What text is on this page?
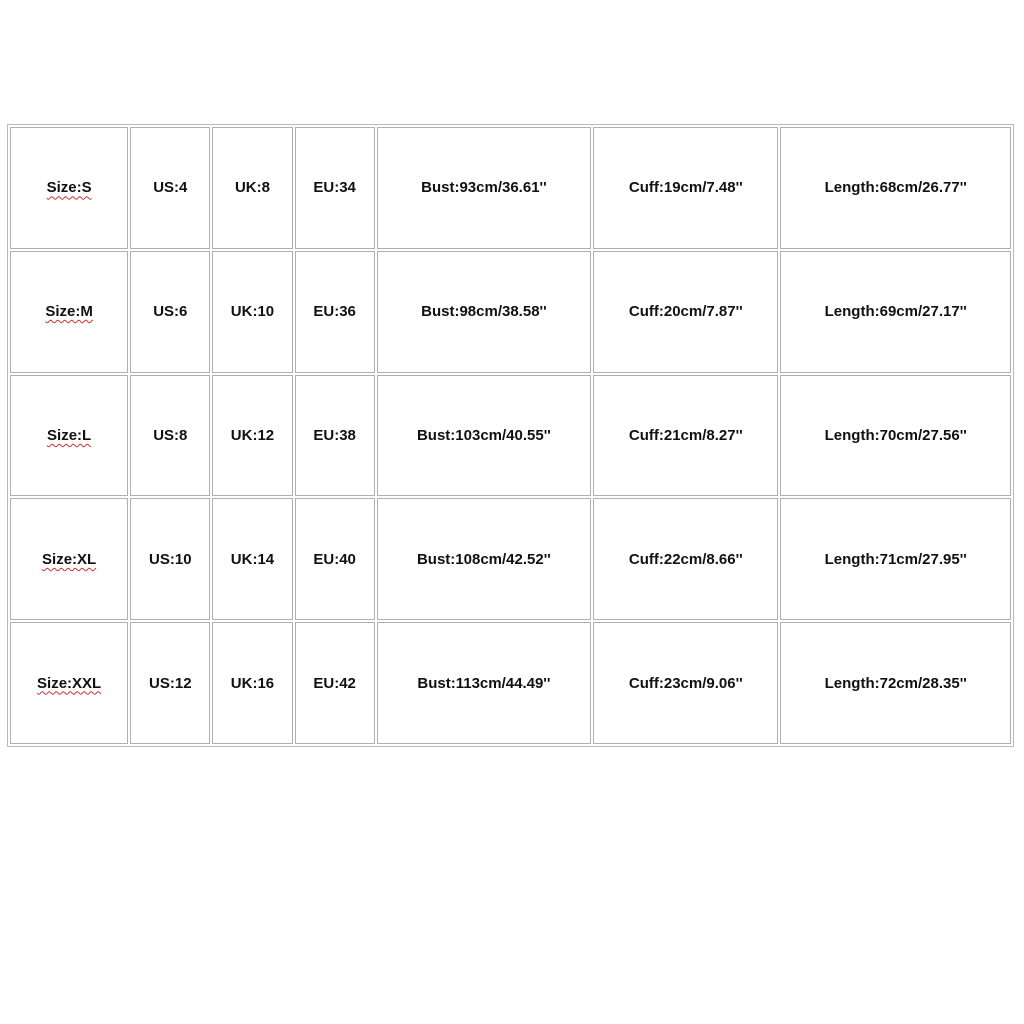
Size:S	US:4	UK:8	EU:34	Bust:93cm/36.61''	Cuff:19cm/7.48''	Length:68cm/26.77''
Size:M	US:6	UK:10	EU:36	Bust:98cm/38.58''	Cuff:20cm/7.87''	Length:69cm/27.17''
Size:L	US:8	UK:12	EU:38	Bust:103cm/40.55''	Cuff:21cm/8.27''	Length:70cm/27.56''
Size:XL	US:10	UK:14	EU:40	Bust:108cm/42.52''	Cuff:22cm/8.66''	Length:71cm/27.95''
Size:XXL	US:12	UK:16	EU:42	Bust:113cm/44.49''	Cuff:23cm/9.06''	Length:72cm/28.35''
